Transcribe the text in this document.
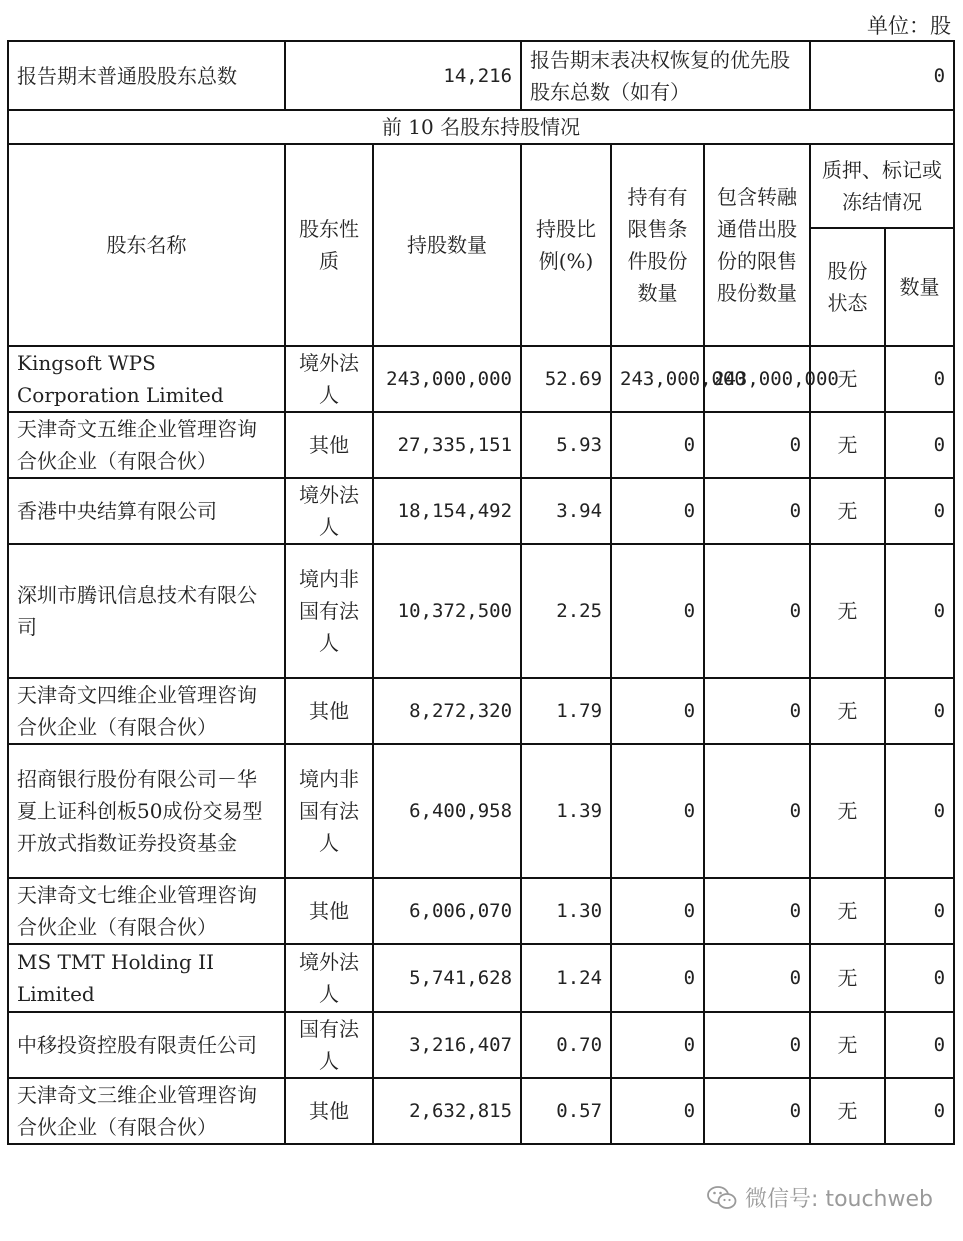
单位：股
报告期末普通股股东总数	14,216		报告期末表决权恢复的优先股股东总数（如有）			0	
前 10 名股东持股情况							
股东名称	股东性质	持股数量	持股比例(%)	持有有限售条件股份数量	包含转融通借出股份的限售股份数量	质押、标记或冻结情况	
						股份状态	数量
Kingsoft WPS Corporation Limited	境外法人	243,000,000	52.69	243,000,000	243,000,000	无	0
天津奇文五维企业管理咨询合伙企业（有限合伙）	其他	27,335,151	5.93	0	0	无	0
香港中央结算有限公司	境外法人	18,154,492	3.94	0	0	无	0
深圳市腾讯信息技术有限公司	境内非国有法人	10,372,500	2.25	0	0	无	0
天津奇文四维企业管理咨询合伙企业（有限合伙）	其他	8,272,320	1.79	0	0	无	0
招商银行股份有限公司－华夏上证科创板50成份交易型开放式指数证券投资基金	境内非国有法人	6,400,958	1.39	0	0	无	0
天津奇文七维企业管理咨询合伙企业（有限合伙）	其他	6,006,070	1.30	0	0	无	0
MS TMT Holding II Limited	境外法人	5,741,628	1.24	0	0	无	0
中移投资控股有限责任公司	国有法人	3,216,407	0.70	0	0	无	0
天津奇文三维企业管理咨询合伙企业（有限合伙）	其他	2,632,815	0.57	0	0	无	0
微信号: touchweb
